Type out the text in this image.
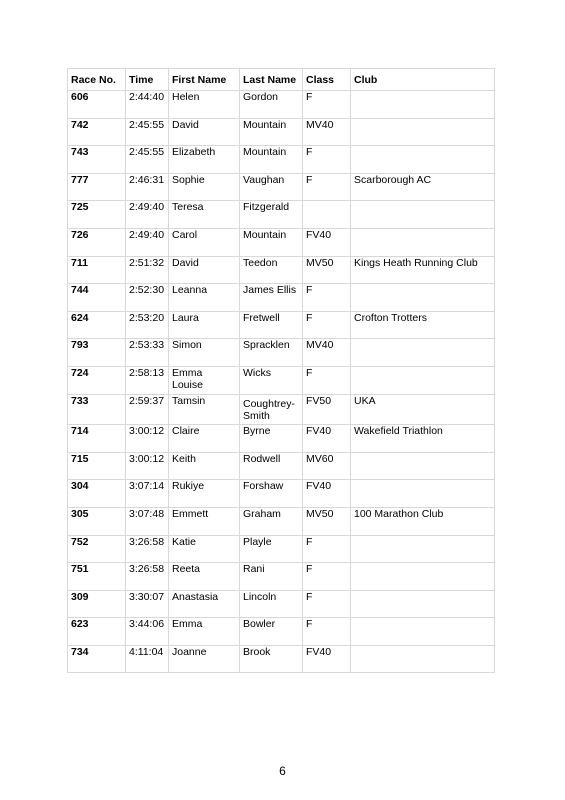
Race No.	Time	First Name	Last Name	Class	Club
606	2:44:40	Helen	Gordon	F	
742	2:45:55	David	Mountain	MV40	
743	2:45:55	Elizabeth	Mountain	F	
777	2:46:31	Sophie	Vaughan	F	Scarborough AC
725	2:49:40	Teresa	Fitzgerald		
726	2:49:40	Carol	Mountain	FV40	
711	2:51:32	David	Teedon	MV50	Kings Heath Running Club
744	2:52:30	Leanna	James Ellis	F	
624	2:53:20	Laura	Fretwell	F	Crofton Trotters
793	2:53:33	Simon	Spracklen	MV40	
724	2:58:13	Emma Louise	Wicks	F	
733	2:59:37	Tamsin	Coughtrey-Smith	FV50	UKA
714	3:00:12	Claire	Byrne	FV40	Wakefield Triathlon
715	3:00:12	Keith	Rodwell	MV60	
304	3:07:14	Rukiye	Forshaw	FV40	
305	3:07:48	Emmett	Graham	MV50	100 Marathon Club
752	3:26:58	Katie	Playle	F	
751	3:26:58	Reeta	Rani	F	
309	3:30:07	Anastasia	Lincoln	F	
623	3:44:06	Emma	Bowler	F	
734	4:11:04	Joanne	Brook	FV40	
6
